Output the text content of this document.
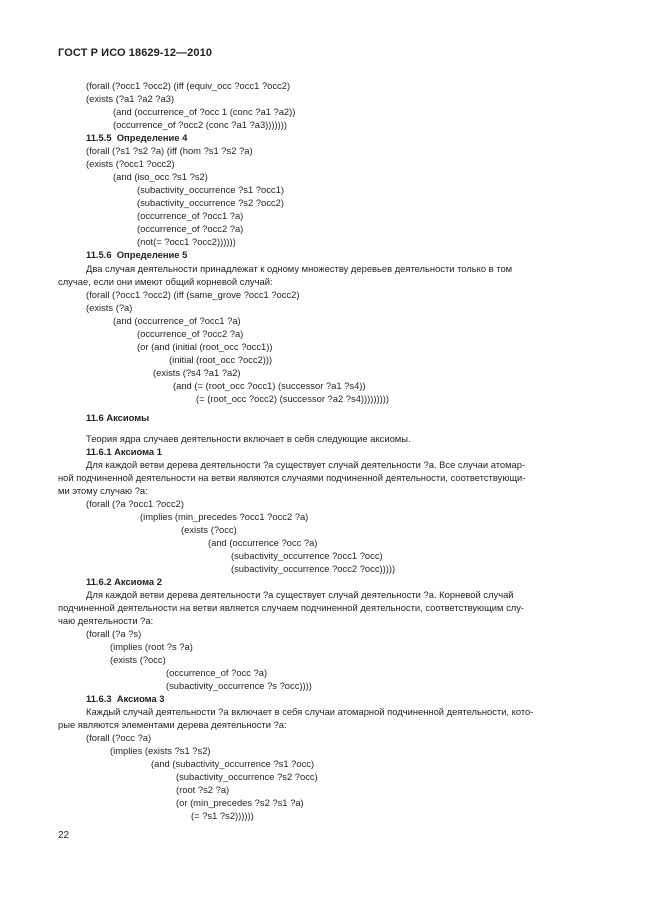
ГОСТ Р ИСО 18629-12—2010
(forall (?occ1 ?occ2) (iff (equiv_occ ?occ1 ?occ2)
(exists (?a1 ?a2 ?a3)
(and (occurrence_of ?occ 1 (conc ?a1 ?a2))
(occurrence_of ?occ2 (conc ?a1 ?a3)))))))
11.5.5  Определение 4
(forall (?s1 ?s2 ?a) (iff (hom ?s1 ?s2 ?a)
(exists (?occ1 ?occ2)
(and (iso_occ ?s1 ?s2)
(subactivity_occurrence ?s1 ?occ1)
(subactivity_occurrence ?s2 ?occ2)
(occurrence_of ?occ1 ?a)
(occurrence_of ?occ2 ?a)
(not(= ?occ1 ?occ2))))))
11.5.6  Определение 5
Два случая деятельности принадлежат к одному множеству деревьев деятельности только в том
случае, если они имеют общий корневой случай:
(forall (?occ1 ?occ2) (iff (same_grove ?occ1 ?occ2)
(exists (?a)
(and (occurrence_of ?occ1 ?a)
(occurrence_of ?occ2 ?a)
(or (and (initial (root_occ ?occ1))
(initial (root_occ ?occ2)))
(exists (?s4 ?a1 ?a2)
(and (= (root_occ ?occ1) (successor ?a1 ?s4))
(= (root_occ ?occ2) (successor ?a2 ?s4)))))))))
11.6 Аксиомы
Теория ядра случаев деятельности включает в себя следующие аксиомы.
11.6.1 Аксиома 1
Для каждой ветви дерева деятельности ?a существует случай деятельности ?a. Все случаи атомар-
ной подчиненной деятельности на ветви являются случаями подчиненной деятельности, соответствующи-
ми этому случаю ?a:
(forall (?a ?occ1 ?occ2)
(implies (min_precedes ?occ1 ?occ2 ?a)
(exists (?occ)
(and (occurrence ?occ ?a)
(subactivity_occurrence ?occ1 ?occ)
(subactivity_occurrence ?occ2 ?occ)))))
11.6.2 Аксиома 2
Для каждой ветви дерева деятельности ?a существует случай деятельности ?a. Корневой случай
подчиненной деятельности на ветви является случаем подчиненной деятельности, соответствующим слу-
чаю деятельности ?a:
(forall (?a ?s)
(implies (root ?s ?a)
(exists (?occ)
(occurrence_of ?occ ?a)
(subactivity_occurrence ?s ?occ))))
11.6.3  Аксиома 3
Каждый случай деятельности ?a включает в себя случаи атомарной подчиненной деятельности, кото-
рые являются элементами дерева деятельности ?a:
(forall (?occ ?a)
(implies (exists ?s1 ?s2)
(and (subactivity_occurrence ?s1 ?occ)
(subactivity_occurrence ?s2 ?occ)
(root ?s2 ?a)
(or (min_precedes ?s2 ?s1 ?a)
(= ?s1 ?s2))))))
22
